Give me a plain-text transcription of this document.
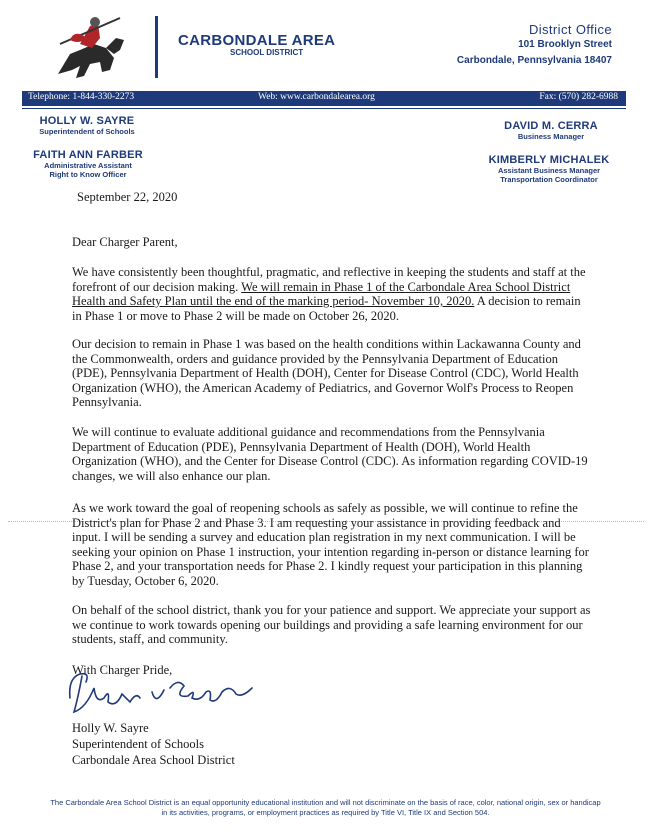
CARBONDALE AREA
SCHOOL DISTRICT
District Office
101 Brooklyn Street
Carbondale, Pennsylvania 18407
Telephone: 1-844-330-2273	Web: www.carbondalearea.org	Fax: (570) 282-6988
HOLLY W. SAYRE
Superintendent of Schools
FAITH ANN FARBER
Administrative Assistant
Right to Know Officer
DAVID M. CERRA
Business Manager
KIMBERLY MICHALEK
Assistant Business Manager
Transportation Coordinator
September 22, 2020
Dear Charger Parent,

We have consistently been thoughtful, pragmatic, and reflective in keeping the students and staff at the forefront of our decision making. We will remain in Phase 1 of the Carbondale Area School District Health and Safety Plan until the end of the marking period- November 10, 2020. A decision to remain in Phase 1 or move to Phase 2 will be made on October 26, 2020.

Our decision to remain in Phase 1 was based on the health conditions within Lackawanna County and the Commonwealth, orders and guidance provided by the Pennsylvania Department of Education (PDE), Pennsylvania Department of Health (DOH), Center for Disease Control (CDC), World Health Organization (WHO), the American Academy of Pediatrics, and Governor Wolf's Process to Reopen Pennsylvania.
We will continue to evaluate additional guidance and recommendations from the Pennsylvania Department of Education (PDE), Pennsylvania Department of Health (DOH), World Health Organization (WHO), and the Center for Disease Control (CDC). As information regarding COVID-19 changes, we will also enhance our plan.
As we work toward the goal of reopening schools as safely as possible, we will continue to refine the District's plan for Phase 2 and Phase 3. I am requesting your assistance in providing feedback and input. I will be sending a survey and education plan registration in my next communication. I will be seeking your opinion on Phase 1 instruction, your intention regarding in-person or distance learning for Phase 2, and your transportation needs for Phase 2. I kindly request your participation in this planning by Tuesday, October 6, 2020.
On behalf of the school district, thank you for your patience and support. We appreciate your support as we continue to work towards opening our buildings and providing a safe learning environment for our students, staff, and community.
With Charger Pride,
Holly W. Sayre
Superintendent of Schools
Carbondale Area School District
The Carbondale Area School District is an equal opportunity educational institution and will not discriminate on the basis of race, color, national origin, sex or handicap
in its activities, programs, or employment practices as required by Title VI, Title IX and Section 504.
